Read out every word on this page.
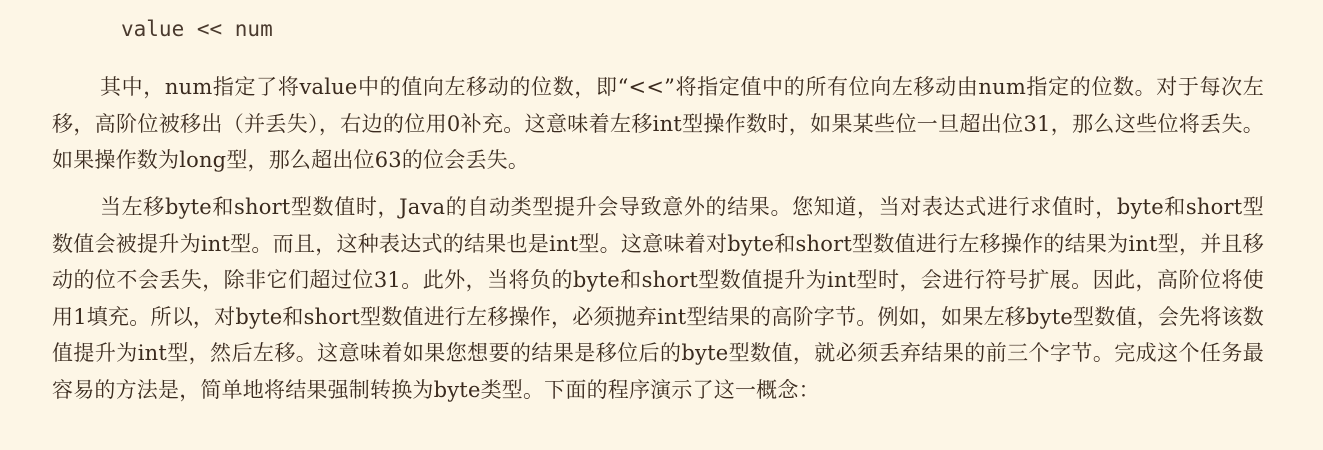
value << num

其中，num指定了将value中的值向左移动的位数，即“<<”将指定值中的所有位向左移动由num指定的位数。对于每次左移，高阶位被移出（并丢失），右边的位用0补充。这意味着左移int型操作数时，如果某些位一旦超出位31，那么这些位将丢失。如果操作数为long型，那么超出位63的位会丢失。

当左移byte和short型数值时，Java的自动类型提升会导致意外的结果。您知道，当对表达式进行求值时，byte和short型数值会被提升为int型。而且，这种表达式的结果也是int型。这意味着对byte和short型数值进行左移操作的结果为int型，并且移动的位不会丢失，除非它们超过位31。此外，当将负的byte和short型数值提升为int型时，会进行符号扩展。因此，高阶位将使用1填充。所以，对byte和short型数值进行左移操作，必须抛弃int型结果的高阶字节。例如，如果左移byte型数值，会先将该数值提升为int型，然后左移。这意味着如果您想要的结果是移位后的byte型数值，就必须丢弃结果的前三个字节。完成这个任务最容易的方法是，简单地将结果强制转换为byte类型。下面的程序演示了这一概念：
